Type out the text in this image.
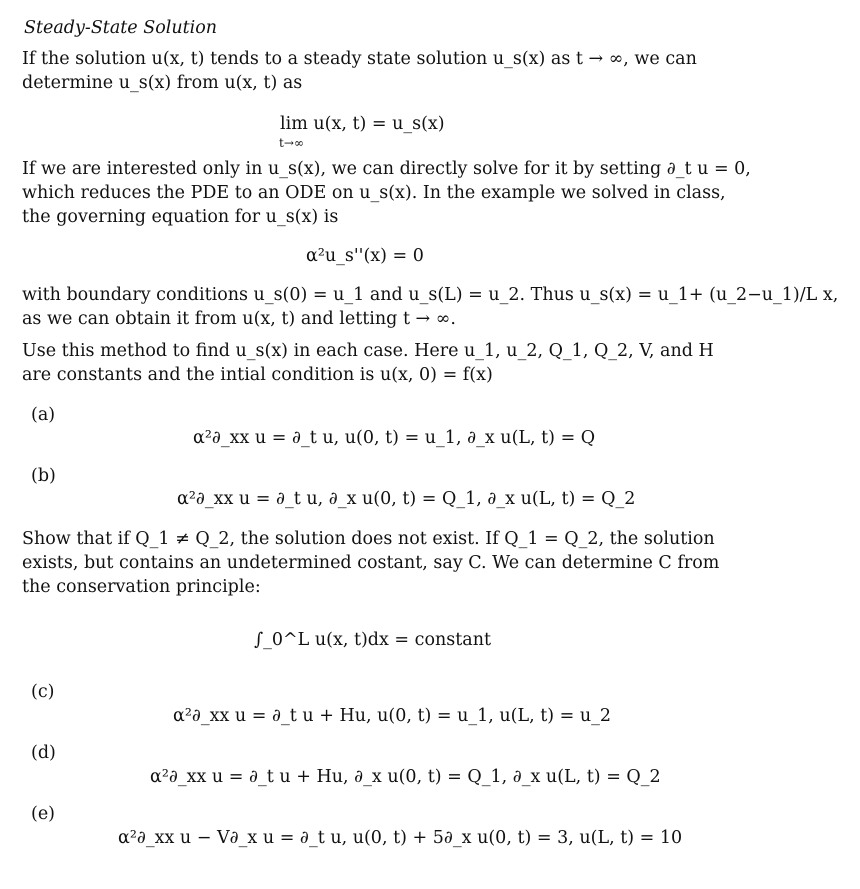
Steady-State Solution

If the solution u(x, t) tends to a steady state solution u_s(x) as t → ∞, we can

determine u_s(x) from u(x, t) as

lim u(x, t) = u_s(x)
t→∞

If we are interested only in u_s(x), we can directly solve for it by setting ∂_t u = 0,

which reduces the PDE to an ODE on u_s(x). In the example we solved in class,

the governing equation for u_s(x) is

α²u_s''(x) = 0

with boundary conditions u_s(0) = u_1 and u_s(L) = u_2. Thus u_s(x) = u_1+ (u_2−u_1)/L x,

as we can obtain it from u(x, t) and letting t → ∞.

Use this method to find u_s(x) in each case. Here u_1, u_2, Q_1, Q_2, V, and H

are constants and the intial condition is u(x, 0) = f(x)

(a)
α²∂_xx u = ∂_t u, u(0, t) = u_1, ∂_x u(L, t) = Q
(b)
α²∂_xx u = ∂_t u, ∂_x u(0, t) = Q_1, ∂_x u(L, t) = Q_2

Show that if Q_1 ≠ Q_2, the solution does not exist. If Q_1 = Q_2, the solution

exists, but contains an undetermined costant, say C. We can determine C from

the conservation principle:

∫_0^L u(x, t)dx = constant
(c)
α²∂_xx u = ∂_t u + Hu, u(0, t) = u_1, u(L, t) = u_2
(d)
α²∂_xx u = ∂_t u + Hu, ∂_x u(0, t) = Q_1, ∂_x u(L, t) = Q_2
(e)
α²∂_xx u − V∂_x u = ∂_t u, u(0, t) + 5∂_x u(0, t) = 3, u(L, t) = 10
